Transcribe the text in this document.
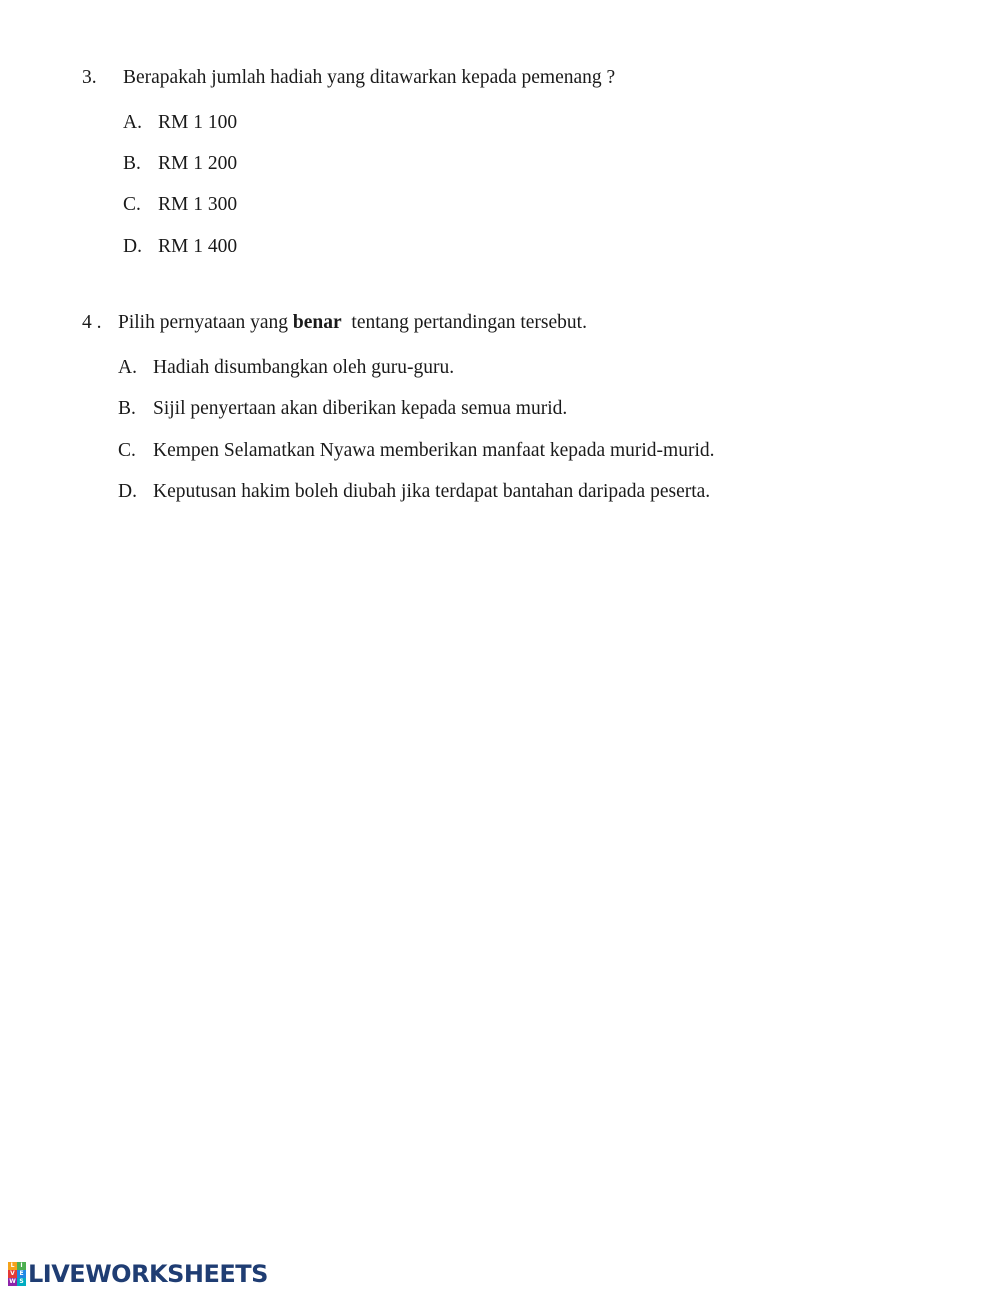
3. Berapakah jumlah hadiah yang ditawarkan kepada pemenang ?
A. RM 1 100
B. RM 1 200
C. RM 1 300
D. RM 1 400
4 . Pilih pernyataan yang benar  tentang pertandingan tersebut.
A. Hadiah disumbangkan oleh guru-guru.
B. Sijil penyertaan akan diberikan kepada semua murid.
C. Kempen Selamatkan Nyawa memberikan manfaat kepada murid-murid.
D. Keputusan hakim boleh diubah jika terdapat bantahan daripada peserta.
L I
V E
W S LIVEWORKSHEETS
